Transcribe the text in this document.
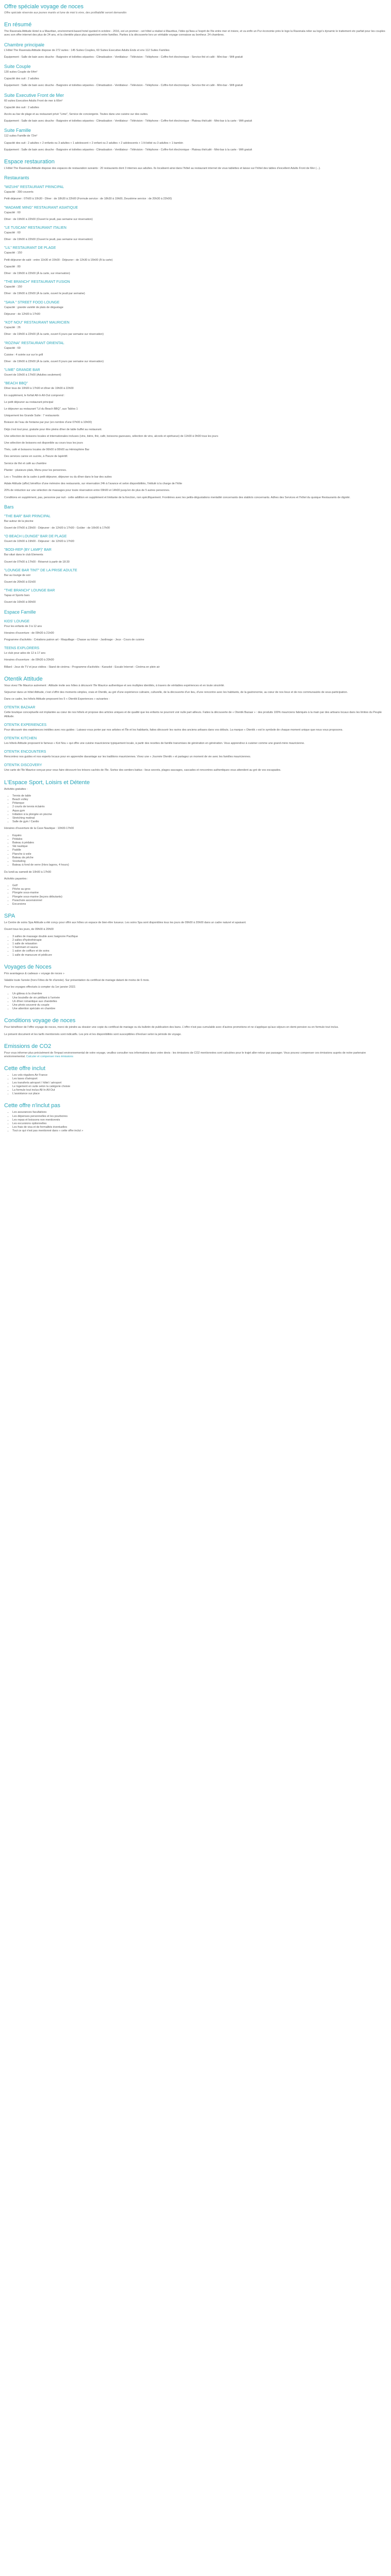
Offre spéciale voyage de noces

Offre spéciale réservée aux jeunes mariés et lune de miel à vivre, des profitabilité seront demandés

En résumé

The Ravenala Attitude Hotel is a Mauritian, environment-based hotel quoted in octobre - 2016, est un premier - cet hôtel a réalisé à Mauritius, l'idée qu'Ikea a l'esprit de l'ile entre mer et riviere, et va enfin un Pur économie près le logo la Ravenala relier au logo's dynamic le traitement etc parfait pour les couples avec son offre internet des plus de 24 ans, et la clientèle place plus apprécient entre familles. Parties à la découverte lors un véritable voyage connaisse au bonheur. 24 chambres.

Chambre principale

L'Hôtel The Ravenala Attitude dispose de 272 suites : 145 Suites Couples, 60 Suites Executive Adults Ends et env 112 Suites Families

Équipement : Salle de bain avec douche - Baignoire et toilettes séparées - Climatisation - Ventilateur - Télévision - Téléphone - Coffre-fort électronique - Service thé et café - Mini-bar - Wifi gratuit

Suite Couple

130 suites Couple de 64m²

Capacité des suit : 2 adultes

Équipement : Salle de bain avec douche - Baignoire et toilettes séparées - Climatisation - Ventilateur - Télévision - Téléphone - Coffre-fort électronique - Service thé et café - Mini-bar - Wifi gratuit

Suite Executive Front de Mer

60 suites Executive Adults Front de mer à 66m²

Capacité des suit : 2 adultes

Accès au bar de plage et au restaurant privé "Lime", Service de conciergerie. Toutes dans une cuisine sur des suites.

Équipement : Salle de bain avec douche - Baignoire et toilettes séparées - Climatisation - Ventilateur - Télévision - Téléphone - Coffre-fort électronique - Plateau thé/café - Mini-bar à la carte - Wifi gratuit

Suite Famille

112 suites Famille de 72m²

Capacité des suit : 2 adultes + 2 enfants ou 3 adultes + 1 adolescent + 2 enfant ou 2 adultes + 2 adolescents + 1 lit bébé ou 3 adultes + 1 bambin

Équipement : Salle de bain avec douche - Baignoire et toilettes séparées - Climatisation - Ventilateur - Télévision - Téléphone - Coffre-fort électronique - Plateau thé/café - Mini-bar à la carte - Wifi gratuit

Espace restauration

L'Hôtel The Ravenala Attitude dispose des espaces de restauration suivants : 20 restaurants dont 3 internes aux adultes. Ils localisent ainsi dans l'hôtel au restaurant internet de vous tablettes et laisse sur l'hôtel des tables d'excellent Adults Front de Mer (...).

Restaurants
"MIZUHI" RESTAURANT PRINCIPAL

Capacité : 390 couverts

Petit-déjeuner : 07h00 à 10h30 - Dîner : de 18h30 à 22h00 (Formule service : de 18h30 à 19h00, Deuxième service : de 20h30 à 22h00)

"MADAME MING" RESTAURANT ASIATIQUE

Capacité : 60

Dîner : de 19h00 à 22h00 (Ouvert le jeudi, pas semaine sur réservation)

"LE TUSCAN" RESTAURANT ITALIEN

Capacité : 60

Dîner : de 19h00 à 22h00 (Ouvert le jeudi, pas semaine sur réservation)

"LIL" RESTAURANT DE PLAGE

Capacité : 150

Petit-déjeuner de salé : entre 11h30 et 15h00 - Déjeuner : de 12h30 à 15h00 (À la carte)

Capacité : 80

Dîner : de 19h00 à 22h00 (À la carte, sur réservation)

"THE BRANCH" RESTAURANT FUSION

Capacité : 150

Dîner : de 19h00 à 22h00 (À la carte, ouvert le jeudi par semaine)

"SAVA " STREET FOOD LOUNGE

Capacité : grande variété de plats de dégustage

Déjeuner : de 12h00 à 17h00

"KOT NOU" RESTAURANT MAURICIEN

Capacité : 26

Dîner : de 19h00 à 22h00 (À la carte, ouvert 6 jours par semaine sur réservation)

"ROZINA" RESTAURANT ORIENTAL

Capacité : 69

Cuisine : 4 soirée sur sur le grill

Dîner : de 19h00 à 22h00 (À la carte, ouvert 6 jours par semaine sur réservation)

"LIME" GRANDE BAR

Ouvert de 10h00 à 17h00 (Adultes seulement)

"BEACH BBQ"

Dîner tous de 10h00 à 17h00 et dîner de 19h00 à 22h00

En supplément, le forfait All-In All-Out comprend :

Le petit déjeuner au restaurant principal

Le déjeuner au restaurant "Lil du Beach BBQ", aux Tables 1

Uniquement les Grande Suite : 7 restaurants

Boisson de l'eau de fontaine par jour (en nombre d'une 07h00 à 10h00)

Déjà c'est tout pour, gratuite pour être pleins dîner de table buffet au restaurant.

Une sélection de boissons locales et internationales incluses (vins, bière, thé, café, boissons gazeuses, sélection de vins, alcools et spiritueux) de 11h00 à 0h00 tous les jours

Une sélection de boissons est disponible au cours tous les jours

Thés, café et boissons locales de 06h00 à 00h00 au Hémisphère Bar

Des services canne en sucrée, à l'heure de lapéritif.

Service de thé et café au chambre

Planter : plusieurs plats, Menu pour les personnes.

Les « Troubles de la cadre à petit déjeuner, déjeuner ou du dîner dans le bar des suites

Adate Attitude (affor) bénéfice d'une mémoire des restaurants, sur réservation 24h à l'avance et selon disponibilités, l'intitulé à la charge de l'hôte

20% de réduction sur une sélection de massages pour toute réservation entre 09h00 et 14h00 jusqu'en de plus de 5 autres personnes.

Conditions en supplément, pas, personne par nuit - cette addition en supplément et limitante de la fonction, non spécifiquement. Frontières avec les petits-dégustations mentalité concernants des stabloïs concernants. Adhes des Services et l'hôtel du quoique Restaurants de dignité.

Bars
"THE BAR" BAR PRINCIPAL

Bar autour de la piscine

Ouvert de 07h00 à 23h00 - Déjeuner : de 12h00 à 17h00 - Goûter : de 16h00 à 17h00

"O BEACH LOUNGE" BAR DE PLAGE

Ouvert de 10h00 à 19h00 - Déjeuner : de 12h00 à 17h00

"BODI-REP (BY LAMP)" BAR

Bar situé dans le club Elements

Ouvert de 07h00 à 17h00 - Réservé à partir de 18:30

"LOUNGE BAR TINT" DE LA PRISE ADULTE

Bar au lounge de soir

Ouvert de 20h00 à 01h00

"THE BRANCH" LOUNGE BAR

Tapas et Sports bars

Ouvert de 16h00 à 00h00

Espace Famille
KIDS' LOUNGE

Pour les enfants de 3 à 12 ans

Horaires d'ouverture : de 09h30 à 21h00

Programme d'activités : Créations patron art - Maquillage - Chasse au trésor - Jardinage - Jeux - Cours de cuisine

TEENS EXPLORERS

Le club pour ados de 12 à 17 ans

Horaires d'ouverture : de 09h30 à 20h00

Billard - Jeux de TV et jeux vidéos - Stand de cinéma - Programme d'activités - Karaoké - Escale Internet - Cinéma en plein air

Otentik Attitude

Vous vivez l'île Maurice autrement : Attitude invite ses hôtes à découvrir l'île Maurice authentique et ses multiples identités, à travers de véritables expériences et en toute sincérité.

Séjourner dans un hôtel Attitude, c'est s'offrir des moments simples, vrais et Otentik, au gré d'une expérience culinaire, culturelle, de la découverte d'un lieu, d'une rencontre avec les habitants, de la gastronomie, au cœur de nos lieux et de nos communautés de sous-participation.

Dans ce cadre, les hôtels Attitude proposent les 5 « Otentik Experiences » suivantes :

OTENTIK BAZAAR

Cette boutique conceptuelle est implantée au cœur de nos hôtels et propose des articles uniques et de qualité que les enfants ne pourront voir nulle part ailleurs. Faites la découverte de « Otentik Bazaar » : des produits 100% mauriciens fabriqués à la main par des artisans locaux dans les limites du Peuple Attitude.

OTENTIK EXPERIENCES

Pour découvrir des expériences inédites avec nos guides : Laissez-vous porter par nos artistes et l'Île et les habitants, faites découvrir les ravins des anciens artisans dans vos débuts. La marque « Otentik » est le symbole de chaque moment unique que nous vous proposons.

OTENTIK KITCHEN

Les hôtels Attitude proposent le fameux « Kot Nou » qui offre une cuisine mauricienne typiquement locale, à partir des recettes de famille transmises de génération en génération. Vous apprendrez à cuisiner comme une grand-mère mauricienne.

OTENTIK ENCOUNTERS

Rencontrez nos guides et nos experts locaux pour en apprendre davantage sur les traditions mauriciennes. Vivez une « Journée Otentik » et partagez un moment de vie avec les familles mauriciennes.

OTENTIK DISCOVERY

Une carte de l'île Maurice conçue pour vous faire découvrir les trésors cachés de l'île. Sortez des sentiers battus : lieux secrets, plages sauvages, cascades et rencontres authentiques vous attendent au gré de vos escapades.

L'Espace Sport, Loisirs et Détente

Activités gratuites :

• Tennis de table
• Beach volley
• Pétanque
• 2 courts de tennis éclairés
• Aqua gym
• Initiation à la plongée en piscine
• Stretching matinal
• Salle de gym / Cardio

Horaires d'ouverture de la Cave Nautique : 10h00-17h00

• Kayaks
• Pédalos
• Bateau à pédales
• Ski nautique
• Paddle
• Planche à voile
• Bateau de pêche
• Snorkeling
• Bateau à fond de verre (Hors lagons, 4 hours)

Du lundi au samedi de 10h00 à 17h00

Activités payantes :

• Golf
• Pêche au gros
• Plongée sous-marine
• Plongée sous-marine (leçons débutants)
• Parachute ascensionnel
• Excursions
SPA

Le Centre de soins Spa Attitude a été conçu pour offrir aux hôtes un espace de bien-être luxueux. Les soins Spa sont disponibles tous les jours de 09h00 à 20h00 dans un cadre naturel et apaisant.

Ouvert tous les jours, de 09h00 à 20h00

• 3 salles de massage double avec baignoire Pacifique
• 2 salles d'hydrothérapie
• 1 salle de relaxation
• 1 hammam et sauna
• 1 salon de coiffure et de soins
• 1 salle de manucure et pédicure
Voyages de Noces

Prix avantageux & cadeaux « voyage de noces »

Valable toute l'année (hors Fêtes de fin d'année). Sur présentation du certificat de mariage datant de moins de 6 mois.

Pour les voyages effectués à compter du 1er janvier 2022.

• Un gâteau à la chambre
• Une bouteille de vin pétillant à l'arrivée
• Un dîner romantique aux chandelles
• Une photo souvenir du couple
• Une attention spéciale en chambre
Conditions voyage de noces

Pour bénéficier de l'offre voyage de noces, merci de joindre au dossier une copie du certificat de mariage ou du bulletin de publication des bans. L'offre n'est pas cumulable avec d'autres promotions et ne s'applique qu'aux séjours en demi-pension ou en formule tout inclus.

Le présent document et les tarifs mentionnés sont indicatifs. Les prix et les disponibilités sont susceptibles d'évoluer selon la période de voyage.

Emissions de CO2

Pour vous informer plus précisément de l'impact environnemental de votre voyage, veuillez consulter nos informations dans votre devis : les émissions de CO2 mentionnées sont calculées pour le trajet aller-retour par passager. Vous pouvez compenser ces émissions auprès de notre partenaire environnemental. Calculer et compenser mes émissions

Cette offre inclut
• Les vols réguliers Air France
• Les taxes d'aéroport
• Les transferts aéroport / hôtel / aéroport
• Le logement en suite selon la catégorie choisie
• La formule tout inclus All-In All-Out
• L'assistance sur place
Cette offre n'inclut pas
• Les assurances facultatives
• Les dépenses personnelles et les pourboires
• Les repas et boissons non mentionnés
• Les excursions optionnelles
• Les frais de visa et de formalités éventuelles
• Tout ce qui n'est pas mentionné dans « cette offre inclut »
